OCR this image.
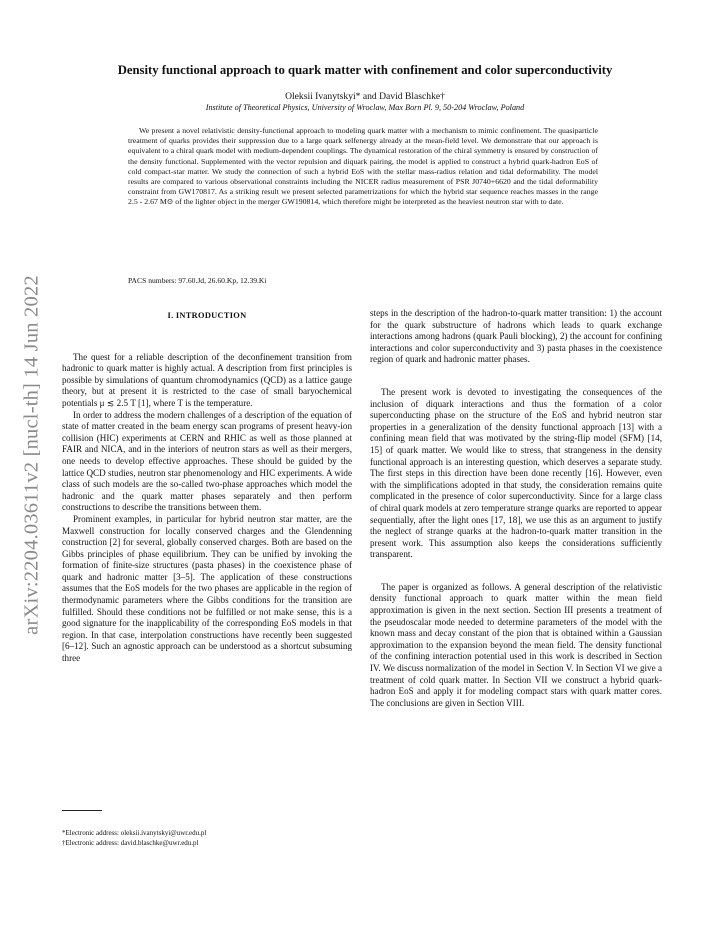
arXiv:2204.03611v2 [nucl-th] 14 Jun 2022
Density functional approach to quark matter with confinement and color superconductivity
Oleksii Ivanytskyi* and David Blaschke†
Institute of Theoretical Physics, University of Wroclaw, Max Born Pl. 9, 50-204 Wroclaw, Poland

We present a novel relativistic density-functional approach to modeling quark matter with a mechanism to mimic confinement. The quasiparticle treatment of quarks provides their suppression due to a large quark selfenergy already at the mean-field level. We demonstrate that our approach is equivalent to a chiral quark model with medium-dependent couplings. The dynamical restoration of the chiral symmetry is ensured by construction of the density functional. Supplemented with the vector repulsion and diquark pairing, the model is applied to construct a hybrid quark-hadron EoS of cold compact-star matter. We study the connection of such a hybrid EoS with the stellar mass-radius relation and tidal deformability. The model results are compared to various observational constraints including the NICER radius measurement of PSR J0740+6620 and the tidal deformability constraint from GW170817. As a striking result we present selected parametrizations for which the hybrid star sequence reaches masses in the range 2.5 - 2.67 M⊙ of the lighter object in the merger GW190814, which therefore might be interpreted as the heaviest neutron star with to date.

PACS numbers: 97.60.Jd, 26.60.Kp, 12.39.Ki
I. INTRODUCTION

The quest for a reliable description of the deconfinement transition from hadronic to quark matter is highly actual. A description from first principles is possible by simulations of quantum chromodynamics (QCD) as a lattice gauge theory, but at present it is restricted to the case of small baryochemical potentials μ ≲ 2.5 T [1], where T is the temperature.

In order to address the modern challenges of a description of the equation of state of matter created in the beam energy scan programs of present heavy-ion collision (HIC) experiments at CERN and RHIC as well as those planned at FAIR and NICA, and in the interiors of neutron stars as well as their mergers, one needs to develop effective approaches. These should be guided by the lattice QCD studies, neutron star phenomenology and HIC experiments. A wide class of such models are the so-called two-phase approaches which model the hadronic and the quark matter phases separately and then perform constructions to describe the transitions between them.

Prominent examples, in particular for hybrid neutron star matter, are the Maxwell construction for locally conserved charges and the Glendenning construction [2] for several, globally conserved charges. Both are based on the Gibbs principles of phase equilibrium. They can be unified by invoking the formation of finite-size structures (pasta phases) in the coexistence phase of quark and hadronic matter [3–5]. The application of these constructions assumes that the EoS models for the two phases are applicable in the region of thermodynamic parameters where the Gibbs conditions for the transition are fulfilled. Should these conditions not be fulfilled or not make sense, this is a good signature for the inapplicability of the corresponding EoS models in that region. In that case, interpolation constructions have recently been suggested [6–12]. Such an agnostic approach can be understood as a shortcut subsuming three

steps in the description of the hadron-to-quark matter transition: 1) the account for the quark substructure of hadrons which leads to quark exchange interactions among hadrons (quark Pauli blocking), 2) the account for confining interactions and color superconductivity and 3) pasta phases in the coexistence region of quark and hadronic matter phases.

The present work is devoted to investigating the consequences of the inclusion of diquark interactions and thus the formation of a color superconducting phase on the structure of the EoS and hybrid neutron star properties in a generalization of the density functional approach [13] with a confining mean field that was motivated by the string-flip model (SFM) [14, 15] of quark matter. We would like to stress, that strangeness in the density functional approach is an interesting question, which deserves a separate study. The first steps in this direction have been done recently [16]. However, even with the simplifications adopted in that study, the consideration remains quite complicated in the presence of color superconductivity. Since for a large class of chiral quark models at zero temperature strange quarks are reported to appear sequentially, after the light ones [17, 18], we use this as an argument to justify the neglect of strange quarks at the hadron-to-quark matter transition in the present work. This assumption also keeps the considerations sufficiently transparent.

The paper is organized as follows. A general description of the relativistic density functional approach to quark matter within the mean field approximation is given in the next section. Section III presents a treatment of the pseudoscalar mode needed to determine parameters of the model with the known mass and decay constant of the pion that is obtained within a Gaussian approximation to the expansion beyond the mean field. The density functional of the confining interaction potential used in this work is described in Section IV. We discuss normalization of the model in Section V. In Section VI we give a treatment of cold quark matter. In Section VII we construct a hybrid quark-hadron EoS and apply it for modeling compact stars with quark matter cores. The conclusions are given in Section VIII.

*Electronic address: oleksii.ivanytskyi@uwr.edu.pl
†Electronic address: david.blaschke@uwr.edu.pl
